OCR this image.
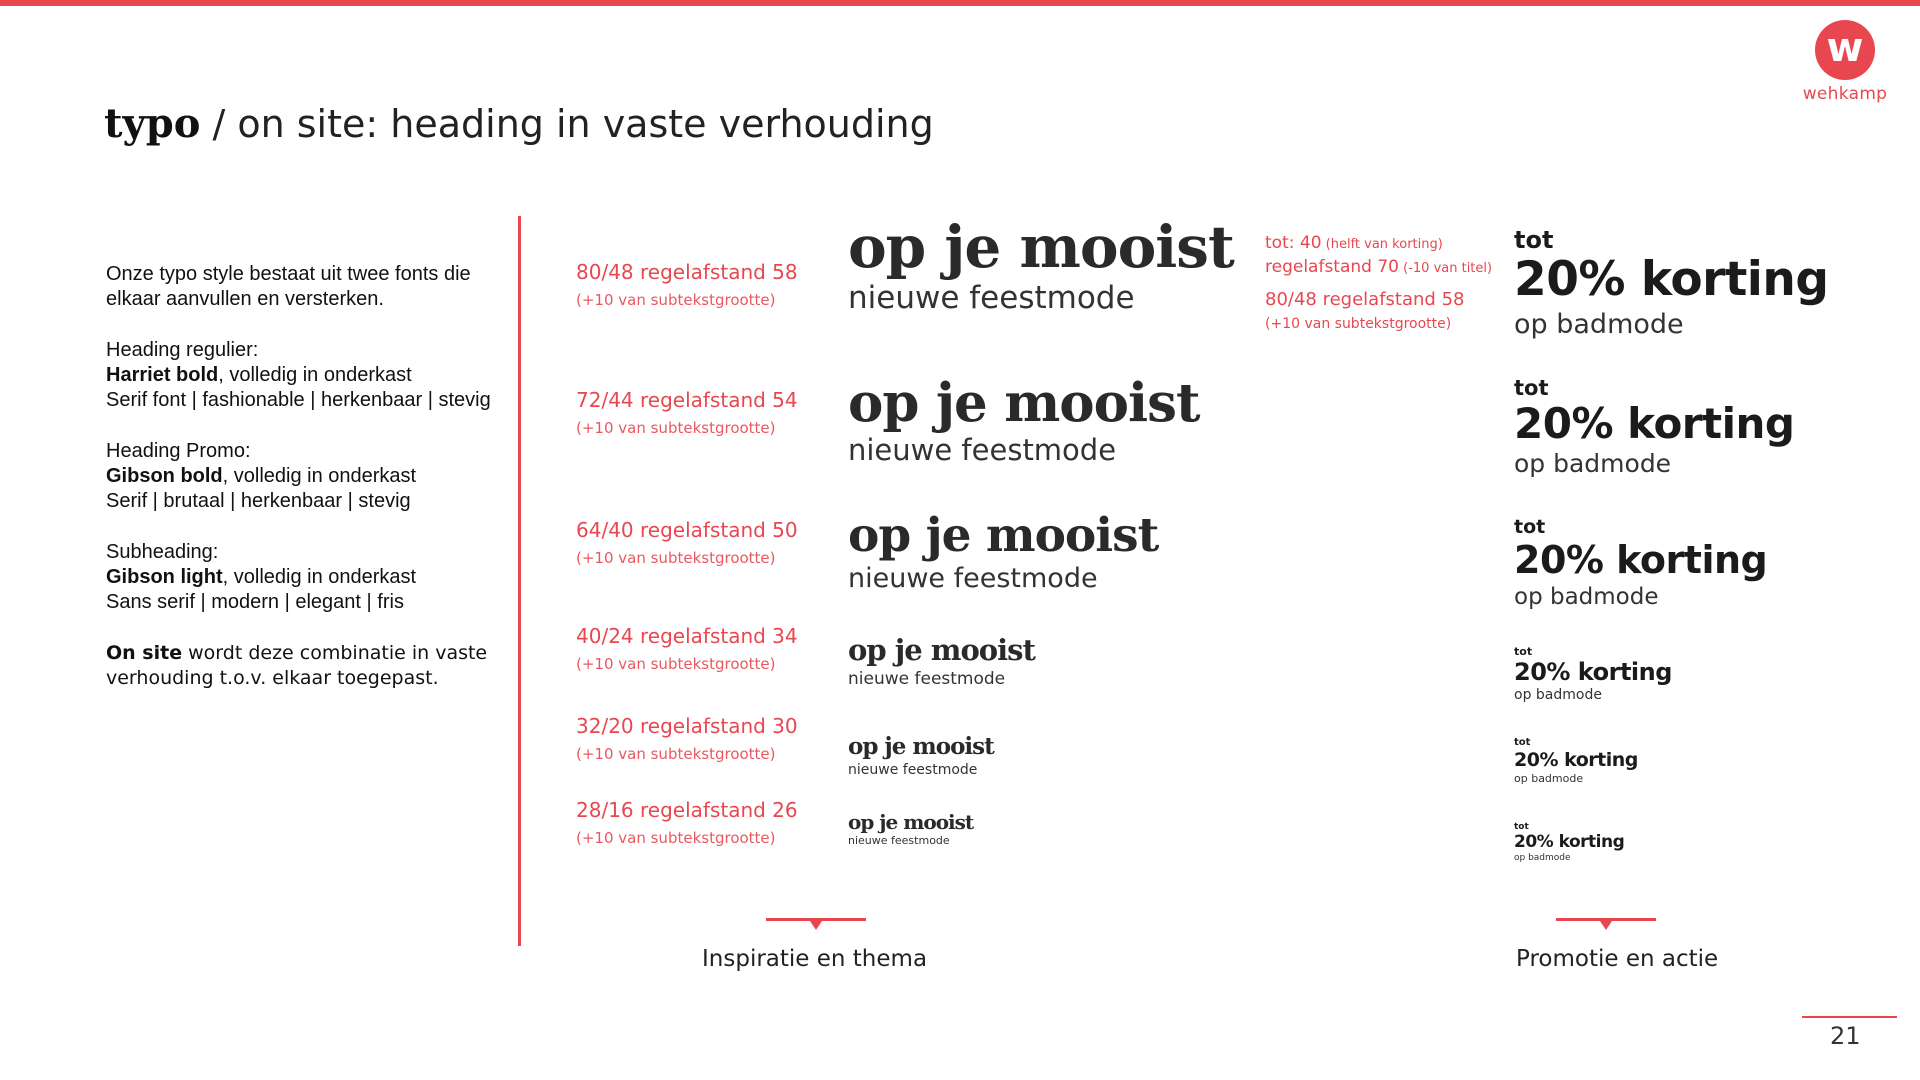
w
wehkamp
typo / on site: heading in vaste verhouding

Onze typo style bestaat uit twee fonts die elkaar aanvullen en versterken.

Heading regulier:
Harriet bold, volledig in onderkast
Serif font | fashionable | herkenbaar | stevig

Heading Promo:
Gibson bold, volledig in onderkast
Serif | brutaal | herkenbaar | stevig

Subheading:
Gibson light, volledig in onderkast
Sans serif | modern | elegant | fris

On site wordt deze combinatie in vaste verhouding t.o.v. elkaar toegepast.

80/48 regelafstand 58
(+10 van subtekstgrootte)
72/44 regelafstand 54
(+10 van subtekstgrootte)
64/40 regelafstand 50
(+10 van subtekstgrootte)
40/24 regelafstand 34
(+10 van subtekstgrootte)
32/20 regelafstand 30
(+10 van subtekstgrootte)
28/16 regelafstand 26
(+10 van subtekstgrootte)
op je mooist
nieuwe feestmode
op je mooist
nieuwe feestmode
op je mooist
nieuwe feestmode
op je mooist
nieuwe feestmode
op je mooist
nieuwe feestmode
op je mooist
nieuwe feestmode
tot: 40 (helft van korting)
regelafstand 70 (-10 van titel)
80/48 regelafstand 58
(+10 van subtekstgrootte)
tot
20% korting
op badmode
tot
20% korting
op badmode
tot
20% korting
op badmode
tot
20% korting
op badmode
tot
20% korting
op badmode
tot
20% korting
op badmode
Inspiratie en thema	Promotie en actie
21
